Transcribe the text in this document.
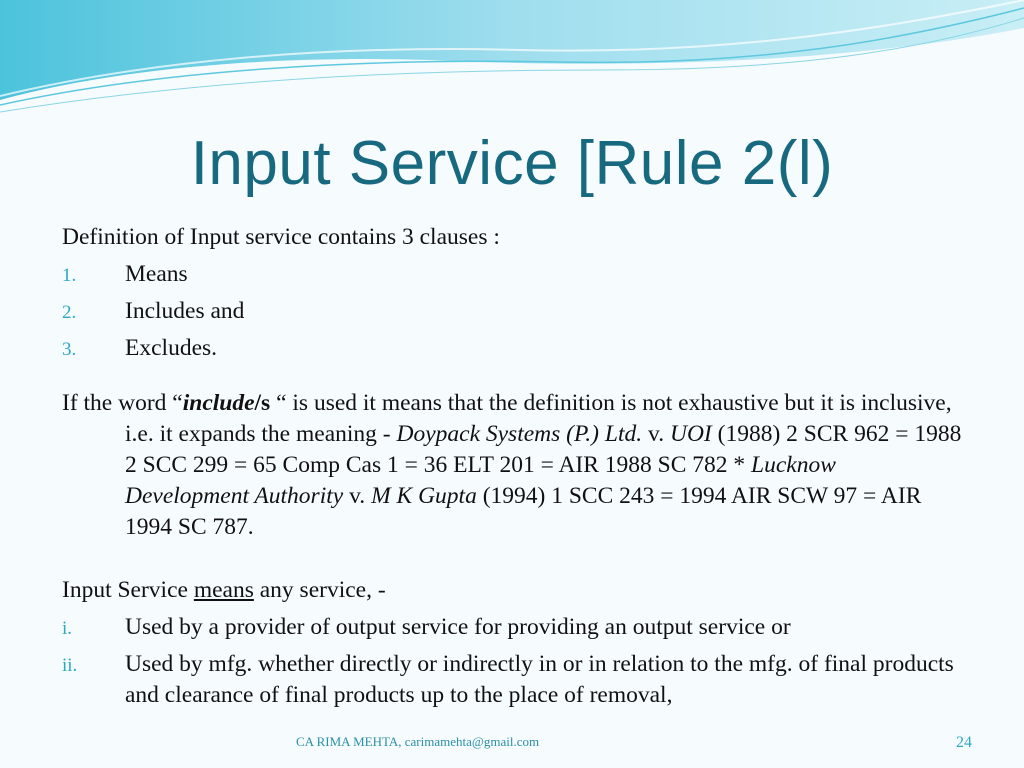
Input Service [Rule 2(l)

Definition of Input service contains 3 clauses :

1. Means
2. Includes and
3. Excludes.

If the word “include/s “ is used it means that the definition is not exhaustive but it is inclusive, i.e. it expands the meaning - Doypack Systems (P.) Ltd. v. UOI (1988) 2 SCR 962 = 1988 2 SCC 299 = 65 Comp Cas 1 = 36 ELT 201 = AIR 1988 SC 782 * Lucknow Development Authority v. M K Gupta (1994) 1 SCC 243 = 1994 AIR SCW 97 = AIR 1994 SC 787.

Input Service means any service, -

i. Used by a provider of output service for providing an output service or
ii. Used by mfg. whether directly or indirectly in or in relation to the mfg. of final products and clearance of final products up to the place of removal,
CA RIMA MEHTA, carimamehta@gmail.com	24
